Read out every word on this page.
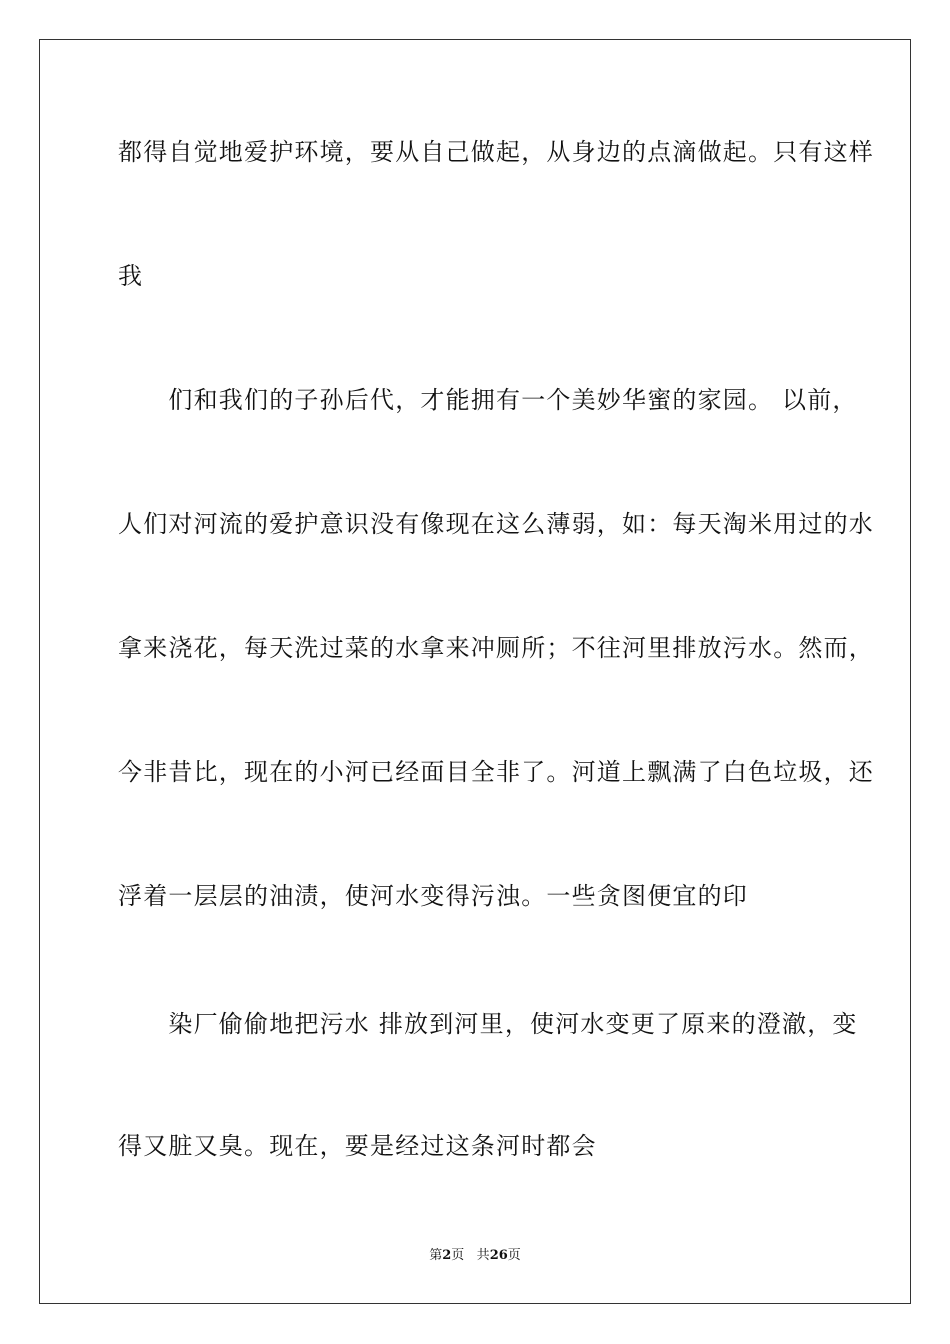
都得自觉地爱护环境，要从自己做起，从身边的点滴做起。只有这样
我
　　们和我们的子孙后代，才能拥有一个美妙华蜜的家园。 以前，
人们对河流的爱护意识没有像现在这么薄弱，如：每天淘米用过的水
拿来浇花，每天洗过菜的水拿来冲厕所；不往河里排放污水。然而，
今非昔比，现在的小河已经面目全非了。河道上飘满了白色垃圾，还
浮着一层层的油渍，使河水变得污浊。一些贪图便宜的印
　　染厂偷偷地把污水 排放到河里，使河水变更了原来的澄澈，变
得又脏又臭。现在，要是经过这条河时都会
第2页 共26页
